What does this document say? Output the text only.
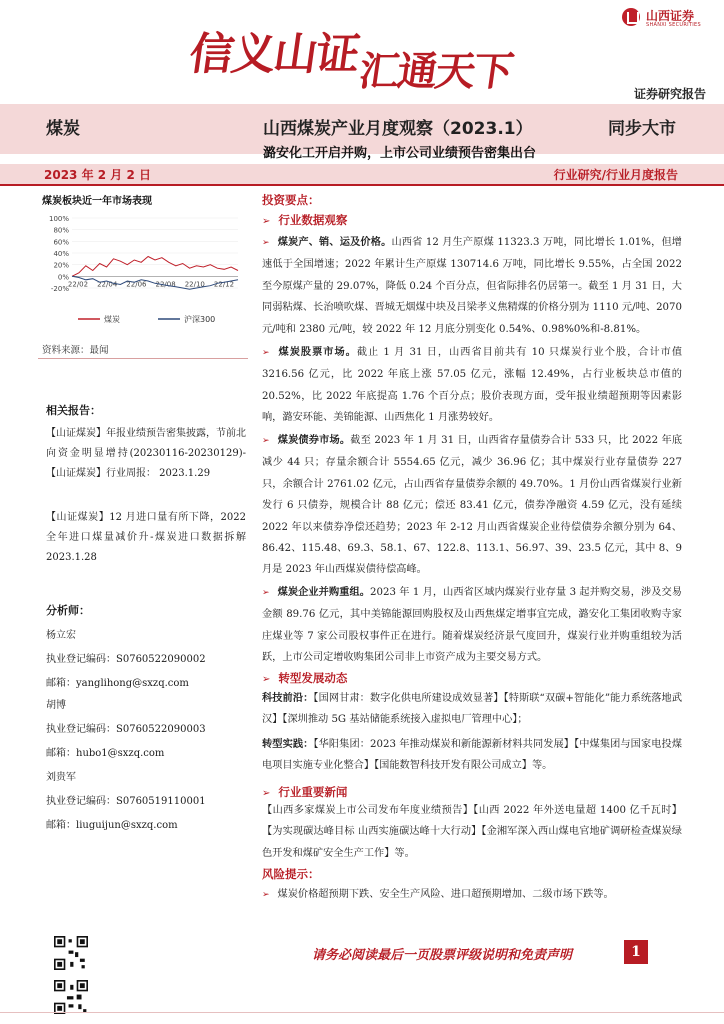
信义山证汇通天下
山西证券
SHANXI SECURITIES
证券研究报告
煤炭	山西煤炭产业月度观察（2023.1）	同步大市
潞安化工开启并购，上市公司业绩预告密集出台
2023 年 2 月 2 日	行业研究/行业月度报告
煤炭板块近一年市场表现
100%
80%
60%
40%
20%
0%
-20%
22/02 22/04 22/06 22/08 22/10 22/12
煤炭	沪深300
资料来源：最闻
相关报告：
【山证煤炭】年报业绩预告密集披露，节前北向资金明显增持(20230116-20230129)-【山证煤炭】行业周报： 2023.1.29
【山证煤炭】12 月进口量有所下降，2022 全年进口煤量减价升-煤炭进口数据拆解 2023.1.28
分析师：
杨立宏
执业登记编码：S0760522090002
邮箱：yanglihong@sxzq.com
胡博
执业登记编码：S0760522090003
邮箱：hubo1@sxzq.com
刘贵军
执业登记编码：S0760519110001
邮箱：liuguijun@sxzq.com
投资要点：
➢ 行业数据观察
➢ 煤炭产、销、运及价格。山西省 12 月生产原煤 11323.3 万吨，同比增长 1.01%，但增速低于全国增速；2022 年累计生产原煤 130714.6 万吨，同比增长 9.55%，占全国 2022 至今原煤产量的 29.07%，降低 0.24 个百分点，但省际排名仍居第一。截至 1 月 31 日，大同弱粘煤、长治喷吹煤、晋城无烟煤中块及吕梁孝义焦精煤的价格分别为 1110 元/吨、2070 元/吨和 2380 元/吨，较 2022 年 12 月底分别变化 0.54%、0.98%0%和-8.81%。
➢ 煤炭股票市场。截止 1 月 31 日，山西省目前共有 10 只煤炭行业个股，合计市值 3216.56 亿元，比 2022 年底上涨 57.05 亿元，涨幅 12.49%，占行业板块总市值的 20.52%，比 2022 年底提高 1.76 个百分点；股价表现方面，受年报业绩超预期等因素影响，潞安环能、美锦能源、山西焦化 1 月涨势较好。
➢ 煤炭债券市场。截至 2023 年 1 月 31 日，山西省存量债券合计 533 只，比 2022 年底减少 44 只；存量余额合计 5554.65 亿元，减少 36.96 亿；其中煤炭行业存量债券 227 只，余额合计 2761.02 亿元，占山西省存量债券余额的 49.70%。1 月份山西省煤炭行业新发行 6 只债券，规模合计 88 亿元；偿还 83.41 亿元，债券净融资 4.59 亿元，没有延续 2022 年以来债券净偿还趋势；2023 年 2-12 月山西省煤炭企业待偿债券余额分别为 64、86.42、115.48、69.3、58.1、67、122.8、113.1、56.97、39、23.5 亿元，其中 8、9 月是 2023 年山西煤炭债待偿高峰。
➢ 煤炭企业并购重组。2023 年 1 月，山西省区域内煤炭行业存量 3 起并购交易，涉及交易金额 89.76 亿元，其中美锦能源回购股权及山西焦煤定增事宜完成，潞安化工集团收购寺家庄煤业等 7 家公司股权事件正在进行。随着煤炭经济景气度回升，煤炭行业并购重组较为活跃，上市公司定增收购集团公司非上市资产成为主要交易方式。
➢ 转型发展动态
科技前沿：【国网甘肃：数字化供电所建设成效显著】【特斯联“双碳+智能化”能力系统落地武汉】【深圳推动 5G 基站储能系统接入虚拟电厂管理中心】；
转型实践：【华阳集团：2023 年推动煤炭和新能源新材料共同发展】【中煤集团与国家电投煤电项目实施专业化整合】【国能数智科技开发有限公司成立】等。
➢ 行业重要新闻
【山西多家煤炭上市公司发布年度业绩预告】【山西 2022 年外送电量超 1400 亿千瓦时】【为实现碳达峰目标 山西实施碳达峰十大行动】【金湘军深入西山煤电官地矿调研检查煤炭绿色开发和煤矿安全生产工作】等。
风险提示：
➢ 煤炭价格超预期下跌、安全生产风险、进口超预期增加、二级市场下跌等。
请务必阅读最后一页股票评级说明和免责声明	1
